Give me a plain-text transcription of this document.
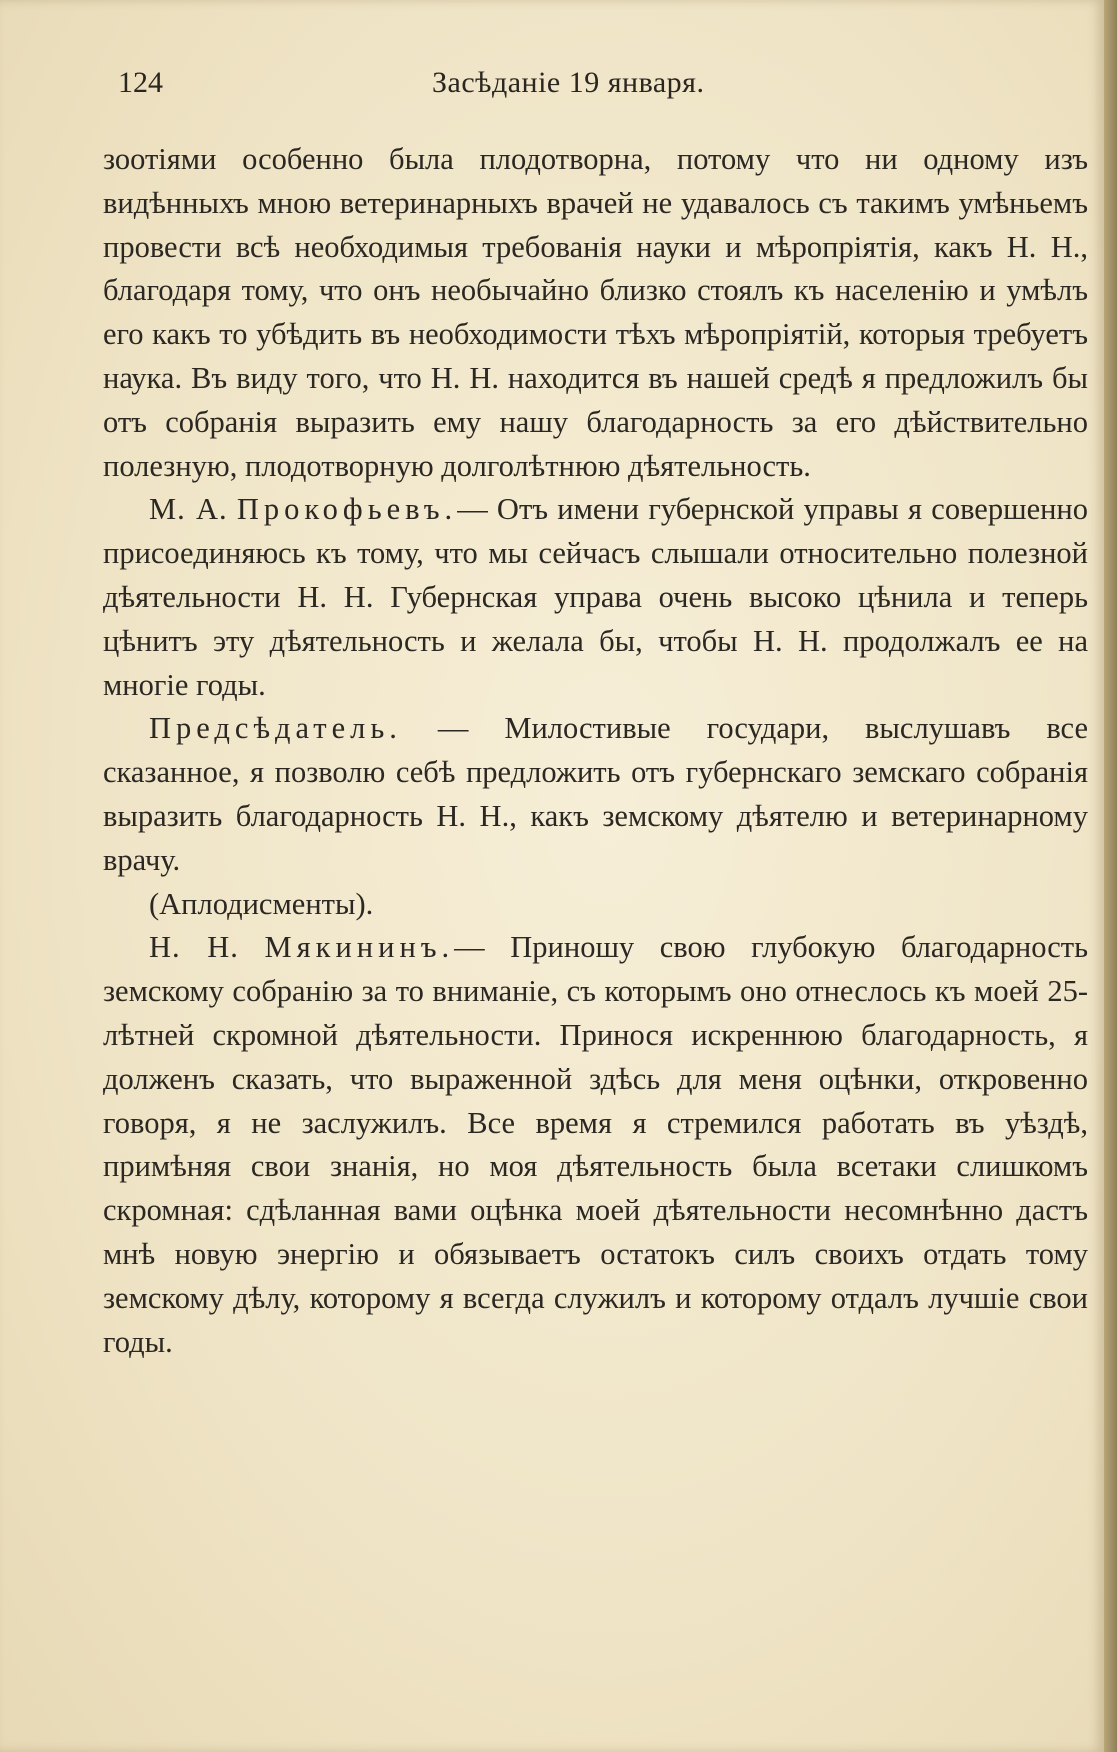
124	Засѣданіе 19 января.

зоотіями особенно была плодотворна, потому что ни одному изъ видѣнныхъ мною ветеринарныхъ врачей не удавалось съ такимъ умѣньемъ провести всѣ необходимыя требованія науки и мѣропріятія, какъ Н. Н., благодаря тому, что онъ необычайно близко стоялъ къ населенію и умѣлъ его какъ то убѣдить въ необходимости тѣхъ мѣропріятій, которыя требуетъ наука. Въ виду того, что Н. Н. находится въ нашей средѣ я предложилъ бы отъ собранія выразить ему нашу благодарность за его дѣйствительно полезную, плодотворную долголѣтнюю дѣятельность.

М. А. Прокофьевъ.— Отъ имени губернской управы я совершенно присоединяюсь къ тому, что мы сейчасъ слышали относительно полезной дѣятельности Н. Н. Губернская управа очень высоко цѣнила и теперь цѣнитъ эту дѣятельность и желала бы, чтобы Н. Н. продолжалъ ее на многіе годы.

Предсѣдатель. — Милостивые государи, выслушавъ все сказанное, я позволю себѣ предложить отъ губернскаго земскаго собранія выразить благодарность Н. Н., какъ земскому дѣятелю и ветеринарному врачу.

(Аплодисменты).

Н. Н. Мякининъ.— Приношу свою глубокую благодарность земскому собранію за то вниманіе, съ которымъ оно отнеслось къ моей 25-лѣтней скромной дѣятельности. Принося искреннюю благодарность, я долженъ сказать, что выраженной здѣсь для меня оцѣнки, откровенно говоря, я не заслужилъ. Все время я стремился работать въ уѣздѣ, примѣняя свои знанія, но моя дѣятельность была всетаки слишкомъ скромная: сдѣланная вами оцѣнка моей дѣятельности несомнѣнно дастъ мнѣ новую энергію и обязываетъ остатокъ силъ своихъ отдать тому земскому дѣлу, которому я всегда служилъ и которому отдалъ лучшіе свои годы.
